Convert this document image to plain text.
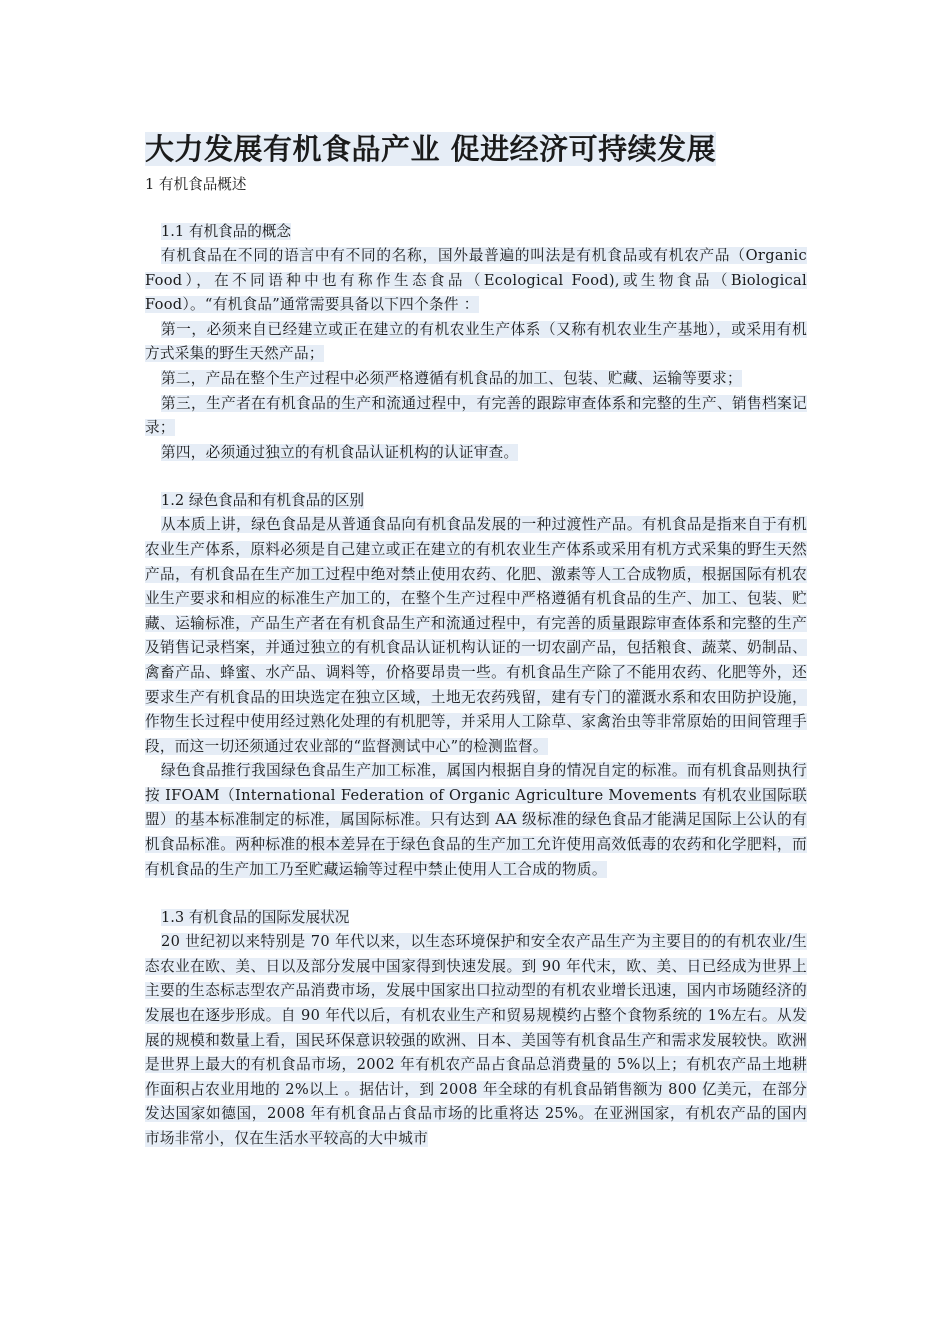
大力发展有机食品产业 促进经济可持续发展

1 有机食品概述

1.1 有机食品的概念

有机食品在不同的语言中有不同的名称，国外最普遍的叫法是有机食品或有机农产品（Organic Food），在不同语种中也有称作生态食品（Ecological Food),或生物食品（Biological Food）。“有机食品”通常需要具备以下四个条件 ：

第一，必须来自已经建立或正在建立的有机农业生产体系（又称有机农业生产基地），或采用有机方式采集的野生天然产品；

第二，产品在整个生产过程中必须严格遵循有机食品的加工、包装、贮藏、运输等要求；

第三，生产者在有机食品的生产和流通过程中，有完善的跟踪审查体系和完整的生产、销售档案记录；

第四，必须通过独立的有机食品认证机构的认证审查。

1.2 绿色食品和有机食品的区别

从本质上讲，绿色食品是从普通食品向有机食品发展的一种过渡性产品。有机食品是指来自于有机农业生产体系，原料必须是自己建立或正在建立的有机农业生产体系或采用有机方式采集的野生天然产品，有机食品在生产加工过程中绝对禁止使用农药、化肥、激素等人工合成物质，根据国际有机农业生产要求和相应的标准生产加工的，在整个生产过程中严格遵循有机食品的生产、加工、包装、贮藏、运输标准，产品生产者在有机食品生产和流通过程中，有完善的质量跟踪审查体系和完整的生产及销售记录档案，并通过独立的有机食品认证机构认证的一切农副产品，包括粮食、蔬菜、奶制品、禽畜产品、蜂蜜、水产品、调料等，价格要昂贵一些。有机食品生产除了不能用农药、化肥等外，还要求生产有机食品的田块选定在独立区域，土地无农药残留，建有专门的灌溉水系和农田防护设施，作物生长过程中使用经过熟化处理的有机肥等，并采用人工除草、家禽治虫等非常原始的田间管理手段，而这一切还须通过农业部的“监督测试中心”的检测监督。

绿色食品推行我国绿色食品生产加工标准，属国内根据自身的情况自定的标准。而有机食品则执行按 IFOAM（International Federation of Organic Agriculture Movements 有机农业国际联盟）的基本标准制定的标准，属国际标准。只有达到 AA 级标准的绿色食品才能满足国际上公认的有机食品标准。两种标准的根本差异在于绿色食品的生产加工允许使用高效低毒的农药和化学肥料，而有机食品的生产加工乃至贮藏运输等过程中禁止使用人工合成的物质。

1.3 有机食品的国际发展状况

20 世纪初以来特别是 70 年代以来，以生态环境保护和安全农产品生产为主要目的的有机农业/生态农业在欧、美、日以及部分发展中国家得到快速发展。到 90 年代末，欧、美、日已经成为世界上主要的生态标志型农产品消费市场，发展中国家出口拉动型的有机农业增长迅速，国内市场随经济的发展也在逐步形成。自 90 年代以后，有机农业生产和贸易规模约占整个食物系统的 1%左右。从发展的规模和数量上看，国民环保意识较强的欧洲、日本、美国等有机食品生产和需求发展较快。欧洲是世界上最大的有机食品市场，2002 年有机农产品占食品总消费量的 5%以上；有机农产品土地耕作面积占农业用地的 2%以上 。据估计，到 2008 年全球的有机食品销售额为 800 亿美元，在部分发达国家如德国，2008 年有机食品占食品市场的比重将达 25%。在亚洲国家，有机农产品的国内市场非常小，仅在生活水平较高的大中城市
